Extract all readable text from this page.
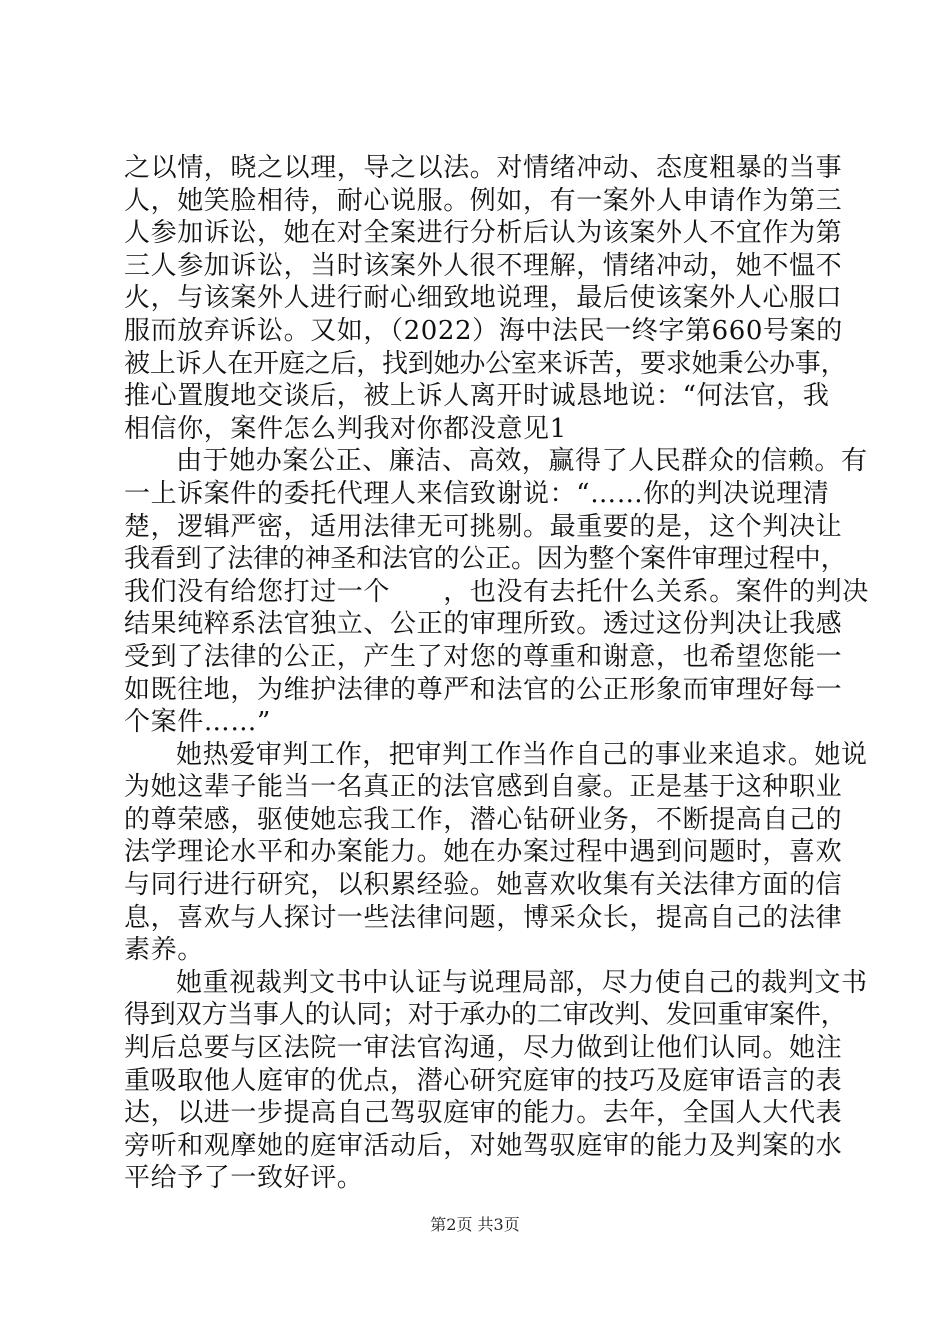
之以情，晓之以理，导之以法。对情绪冲动、态度粗暴的当事
人，她笑脸相待，耐心说服。例如，有一案外人申请作为第三
人参加诉讼，她在对全案进行分析后认为该案外人不宜作为第
三人参加诉讼，当时该案外人很不理解，情绪冲动，她不愠不
火，与该案外人进行耐心细致地说理，最后使该案外人心服口
服而放弃诉讼。又如，（2022）海中法民一终字第660号案的
被上诉人在开庭之后，找到她办公室来诉苦，要求她秉公办事，
推心置腹地交谈后，被上诉人离开时诚恳地说：“何法官，我
相信你，案件怎么判我对你都没意见1
由于她办案公正、廉洁、高效，赢得了人民群众的信赖。有
一上诉案件的委托代理人来信致谢说：“……你的判决说理清
楚，逻辑严密，适用法律无可挑剔。最重要的是，这个判决让
我看到了法律的神圣和法官的公正。因为整个案件审理过程中，
我们没有给您打过一个　　，也没有去托什么关系。案件的判决
结果纯粹系法官独立、公正的审理所致。透过这份判决让我感
受到了法律的公正，产生了对您的尊重和谢意，也希望您能一
如既往地，为维护法律的尊严和法官的公正形象而审理好每一
个案件……”
她热爱审判工作，把审判工作当作自己的事业来追求。她说
为她这辈子能当一名真正的法官感到自豪。正是基于这种职业
的尊荣感，驱使她忘我工作，潜心钻研业务，不断提高自己的
法学理论水平和办案能力。她在办案过程中遇到问题时，喜欢
与同行进行研究，以积累经验。她喜欢收集有关法律方面的信
息，喜欢与人探讨一些法律问题，博采众长，提高自己的法律
素养。
她重视裁判文书中认证与说理局部，尽力使自己的裁判文书
得到双方当事人的认同；对于承办的二审改判、发回重审案件，
判后总要与区法院一审法官沟通，尽力做到让他们认同。她注
重吸取他人庭审的优点，潜心研究庭审的技巧及庭审语言的表
达，以进一步提高自己驾驭庭审的能力。去年，全国人大代表
旁听和观摩她的庭审活动后，对她驾驭庭审的能力及判案的水
平给予了一致好评。
第2页 共3页
